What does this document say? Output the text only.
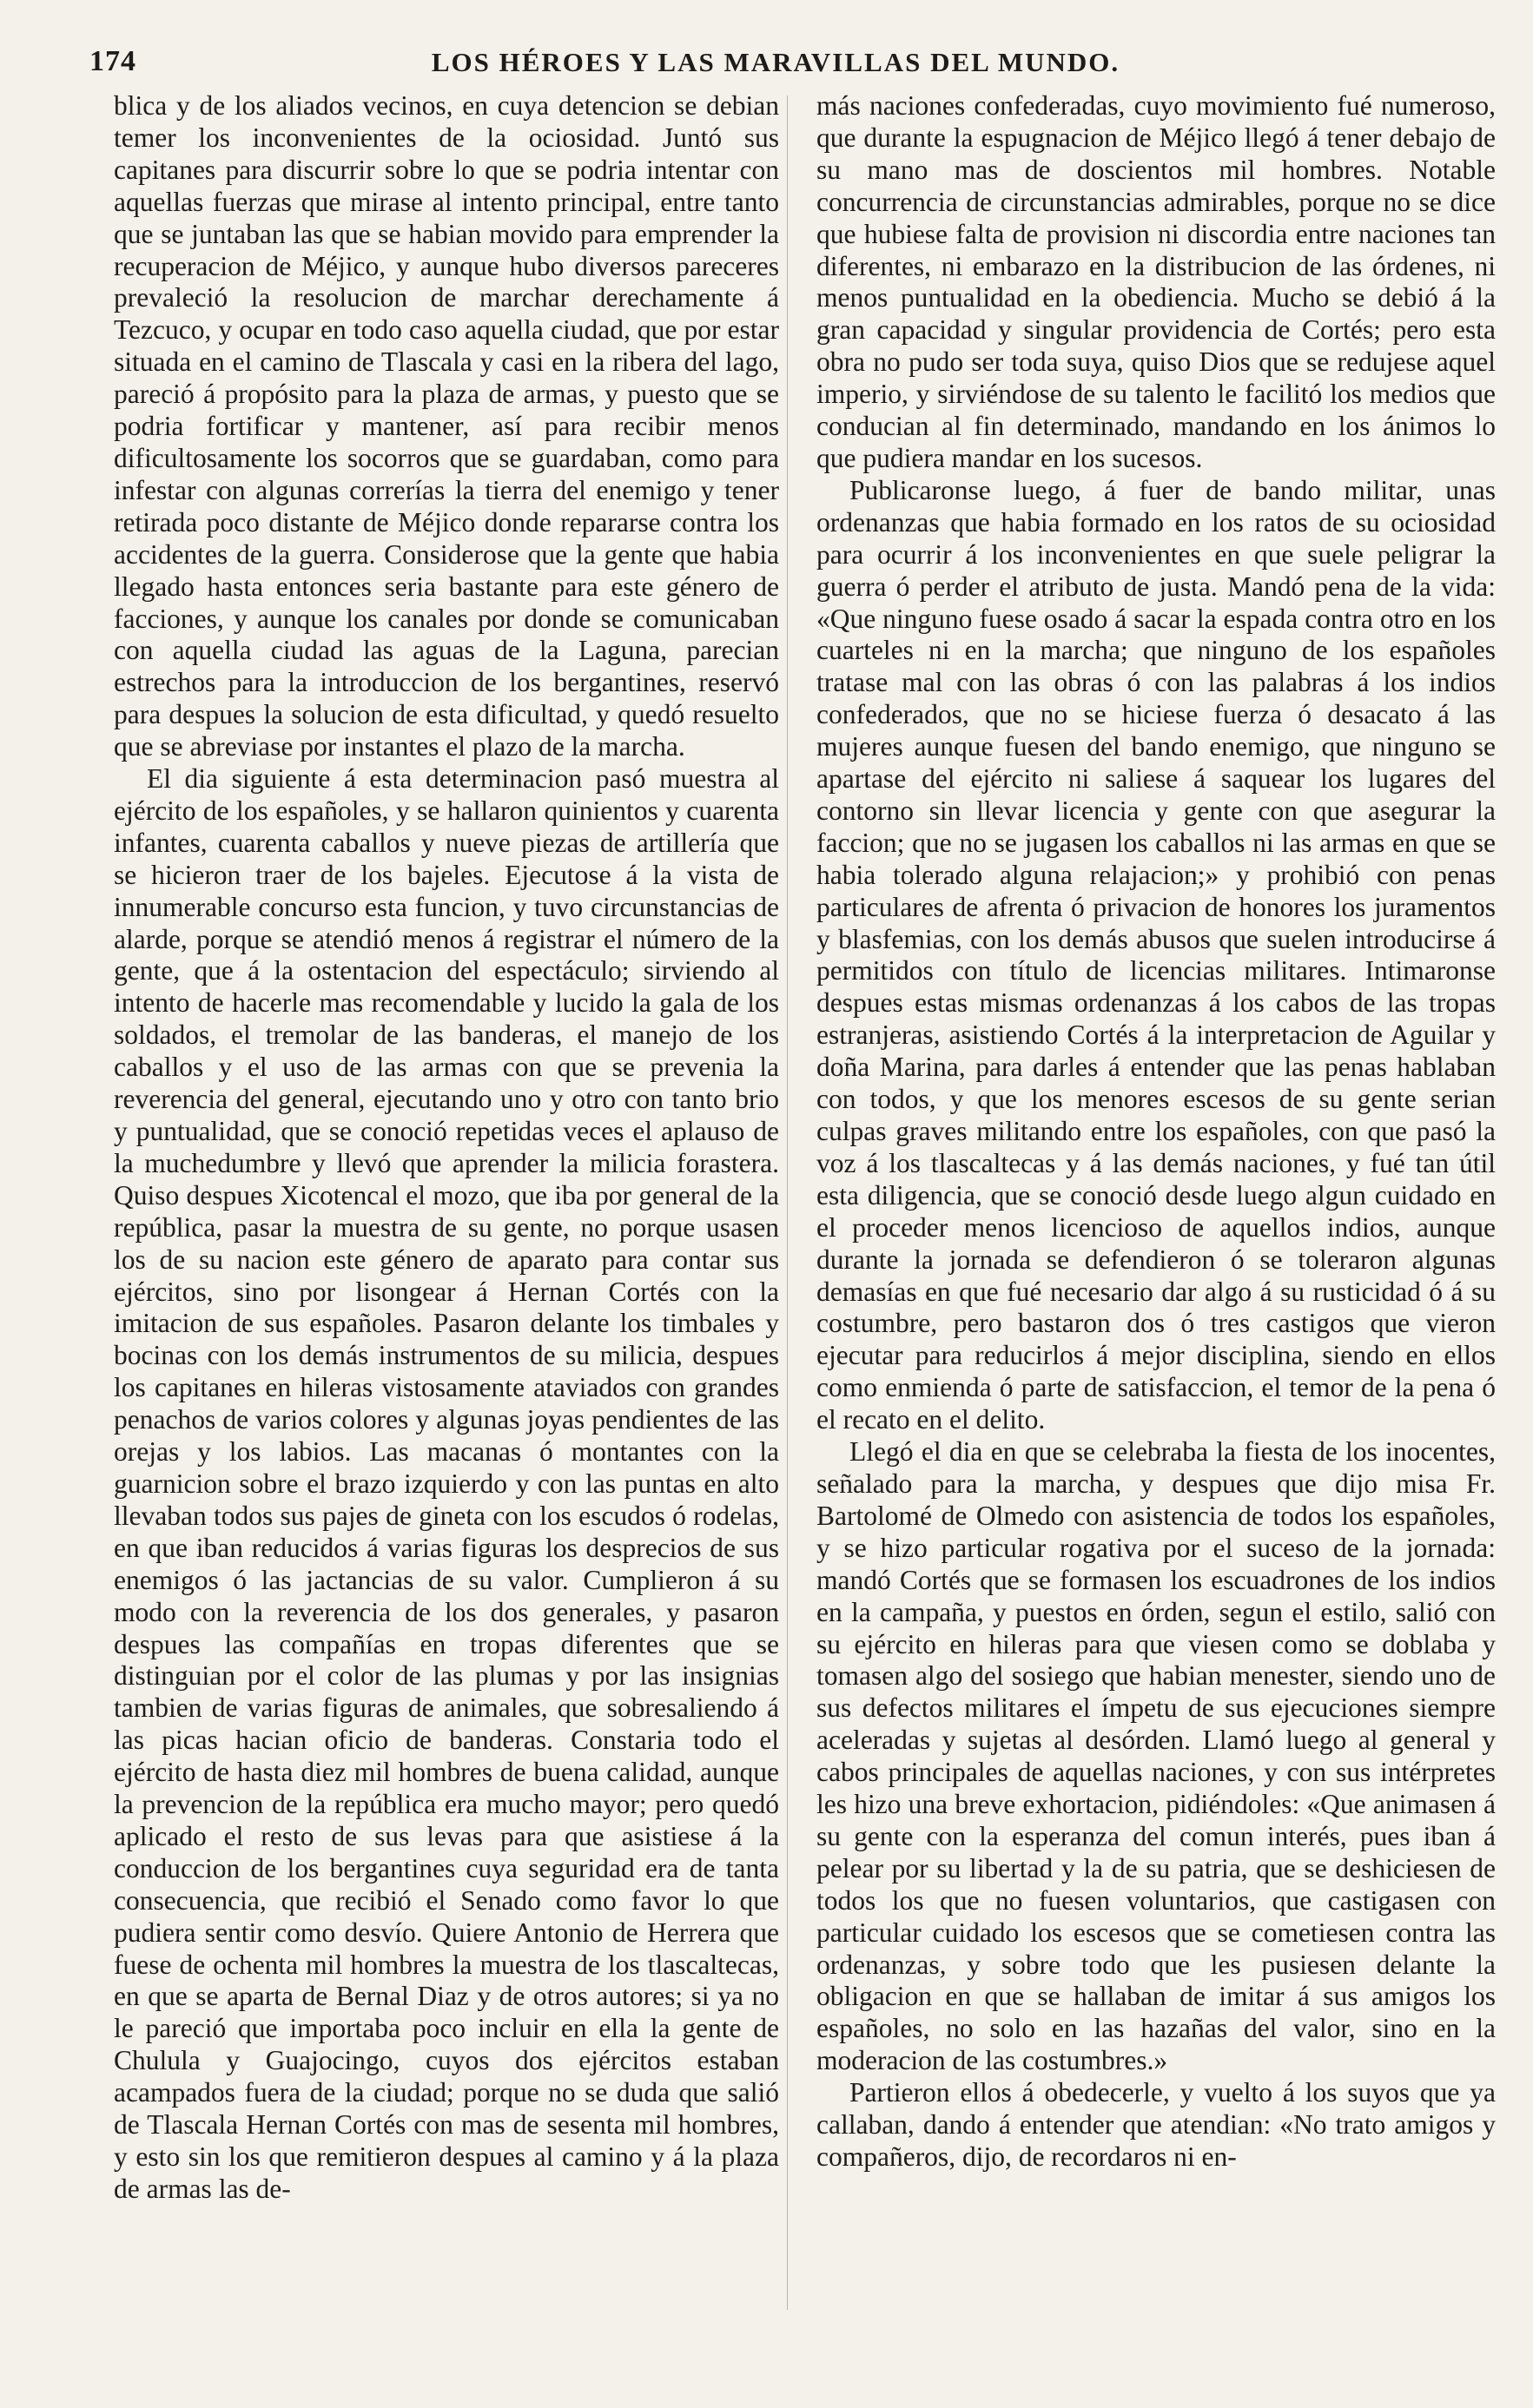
174	LOS HÉROES Y LAS MARAVILLAS DEL MUNDO.

blica y de los aliados vecinos, en cuya detencion se debian temer los inconvenientes de la ociosidad. Juntó sus capitanes para discurrir sobre lo que se podria intentar con aquellas fuerzas que mirase al intento principal, entre tanto que se juntaban las que se habian movido para emprender la recuperacion de Méjico, y aunque hubo diversos pareceres prevaleció la resolucion de marchar derechamente á Tezcuco, y ocupar en todo caso aquella ciudad, que por estar situada en el camino de Tlascala y casi en la ribera del lago, pareció á propósito para la plaza de armas, y puesto que se podria fortificar y mantener, así para recibir menos dificultosamente los socorros que se guardaban, como para infestar con algunas correrías la tierra del enemigo y tener retirada poco distante de Méjico donde repararse contra los accidentes de la guerra. Considerose que la gente que habia llegado hasta entonces seria bastante para este género de facciones, y aunque los canales por donde se comunicaban con aquella ciudad las aguas de la Laguna, parecian estrechos para la introduccion de los bergantines, reservó para despues la solucion de esta dificultad, y quedó resuelto que se abreviase por instantes el plazo de la marcha.

El dia siguiente á esta determinacion pasó muestra al ejército de los españoles, y se hallaron quinientos y cuarenta infantes, cuarenta caballos y nueve piezas de artillería que se hicieron traer de los bajeles. Ejecutose á la vista de innumerable concurso esta funcion, y tuvo circunstancias de alarde, porque se atendió menos á registrar el número de la gente, que á la ostentacion del espectáculo; sirviendo al intento de hacerle mas recomendable y lucido la gala de los soldados, el tremolar de las banderas, el manejo de los caballos y el uso de las armas con que se prevenia la reverencia del general, ejecutando uno y otro con tanto brio y puntualidad, que se conoció repetidas veces el aplauso de la muchedumbre y llevó que aprender la milicia forastera. Quiso despues Xicotencal el mozo, que iba por general de la república, pasar la muestra de su gente, no porque usasen los de su nacion este género de aparato para contar sus ejércitos, sino por lisongear á Hernan Cortés con la imitacion de sus españoles. Pasaron delante los timbales y bocinas con los demás instrumentos de su milicia, despues los capitanes en hileras vistosamente ataviados con grandes penachos de varios colores y algunas joyas pendientes de las orejas y los labios. Las macanas ó montantes con la guarnicion sobre el brazo izquierdo y con las puntas en alto llevaban todos sus pajes de gineta con los escudos ó rodelas, en que iban reducidos á varias figuras los desprecios de sus enemigos ó las jactancias de su valor. Cumplieron á su modo con la reverencia de los dos generales, y pasaron despues las compañías en tropas diferentes que se distinguian por el color de las plumas y por las insignias tambien de varias figuras de animales, que sobresaliendo á las picas hacian oficio de banderas. Constaria todo el ejército de hasta diez mil hombres de buena calidad, aunque la prevencion de la república era mucho mayor; pero quedó aplicado el resto de sus levas para que asistiese á la conduccion de los bergantines cuya seguridad era de tanta consecuencia, que recibió el Senado como favor lo que pudiera sentir como desvío. Quiere Antonio de Herrera que fuese de ochenta mil hombres la muestra de los tlascaltecas, en que se aparta de Bernal Diaz y de otros autores; si ya no le pareció que importaba poco incluir en ella la gente de Chulula y Guajocingo, cuyos dos ejércitos estaban acampados fuera de la ciudad; porque no se duda que salió de Tlascala Hernan Cortés con mas de sesenta mil hombres, y esto sin los que remitieron despues al camino y á la plaza de armas las de-

más naciones confederadas, cuyo movimiento fué numeroso, que durante la espugnacion de Méjico llegó á tener debajo de su mano mas de doscientos mil hombres. Notable concurrencia de circunstancias admirables, porque no se dice que hubiese falta de provision ni discordia entre naciones tan diferentes, ni embarazo en la distribucion de las órdenes, ni menos puntualidad en la obediencia. Mucho se debió á la gran capacidad y singular providencia de Cortés; pero esta obra no pudo ser toda suya, quiso Dios que se redujese aquel imperio, y sirviéndose de su talento le facilitó los medios que conducian al fin determinado, mandando en los ánimos lo que pudiera mandar en los sucesos.

Publicaronse luego, á fuer de bando militar, unas ordenanzas que habia formado en los ratos de su ociosidad para ocurrir á los inconvenientes en que suele peligrar la guerra ó perder el atributo de justa. Mandó pena de la vida: «Que ninguno fuese osado á sacar la espada contra otro en los cuarteles ni en la marcha; que ninguno de los españoles tratase mal con las obras ó con las palabras á los indios confederados, que no se hiciese fuerza ó desacato á las mujeres aunque fuesen del bando enemigo, que ninguno se apartase del ejército ni saliese á saquear los lugares del contorno sin llevar licencia y gente con que asegurar la faccion; que no se jugasen los caballos ni las armas en que se habia tolerado alguna relajacion;» y prohibió con penas particulares de afrenta ó privacion de honores los juramentos y blasfemias, con los demás abusos que suelen introducirse á permitidos con título de licencias militares. Intimaronse despues estas mismas ordenanzas á los cabos de las tropas estranjeras, asistiendo Cortés á la interpretacion de Aguilar y doña Marina, para darles á entender que las penas hablaban con todos, y que los menores escesos de su gente serian culpas graves militando entre los españoles, con que pasó la voz á los tlascaltecas y á las demás naciones, y fué tan útil esta diligencia, que se conoció desde luego algun cuidado en el proceder menos licencioso de aquellos indios, aunque durante la jornada se defendieron ó se toleraron algunas demasías en que fué necesario dar algo á su rusticidad ó á su costumbre, pero bastaron dos ó tres castigos que vieron ejecutar para reducirlos á mejor disciplina, siendo en ellos como enmienda ó parte de satisfaccion, el temor de la pena ó el recato en el delito.

Llegó el dia en que se celebraba la fiesta de los inocentes, señalado para la marcha, y despues que dijo misa Fr. Bartolomé de Olmedo con asistencia de todos los españoles, y se hizo particular rogativa por el suceso de la jornada: mandó Cortés que se formasen los escuadrones de los indios en la campaña, y puestos en órden, segun el estilo, salió con su ejército en hileras para que viesen como se doblaba y tomasen algo del sosiego que habian menester, siendo uno de sus defectos militares el ímpetu de sus ejecuciones siempre aceleradas y sujetas al desórden. Llamó luego al general y cabos principales de aquellas naciones, y con sus intérpretes les hizo una breve exhortacion, pidiéndoles: «Que animasen á su gente con la esperanza del comun interés, pues iban á pelear por su libertad y la de su patria, que se deshiciesen de todos los que no fuesen voluntarios, que castigasen con particular cuidado los escesos que se cometiesen contra las ordenanzas, y sobre todo que les pusiesen delante la obligacion en que se hallaban de imitar á sus amigos los españoles, no solo en las hazañas del valor, sino en la moderacion de las costumbres.»

Partieron ellos á obedecerle, y vuelto á los suyos que ya callaban, dando á entender que atendian: «No trato amigos y compañeros, dijo, de recordaros ni en-
